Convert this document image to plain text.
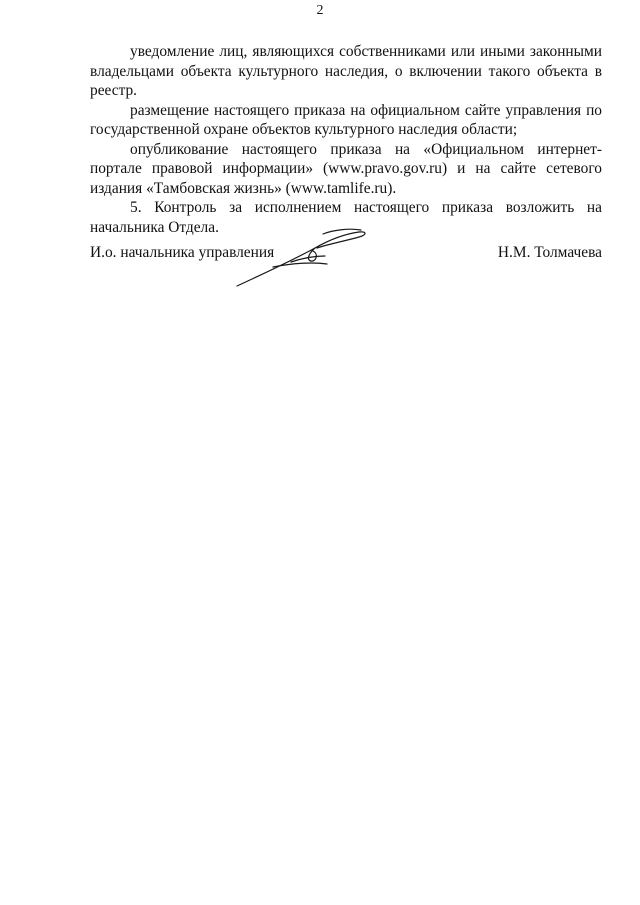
2

уведомление лиц, являющихся собственниками или иными законными владельцами объекта культурного наследия, о включении такого объекта в реестр.

размещение настоящего приказа на официальном сайте управления по государственной охране объектов культурного наследия области;

опубликование настоящего приказа на «Официальном интернет-портале правовой информации» (www.pravo.gov.ru) и на сайте сетевого издания «Тамбовская жизнь» (www.tamlife.ru).

5. Контроль за исполнением настоящего приказа возложить на начальника Отдела.

И.о. начальника управления	Н.М. Толмачева
